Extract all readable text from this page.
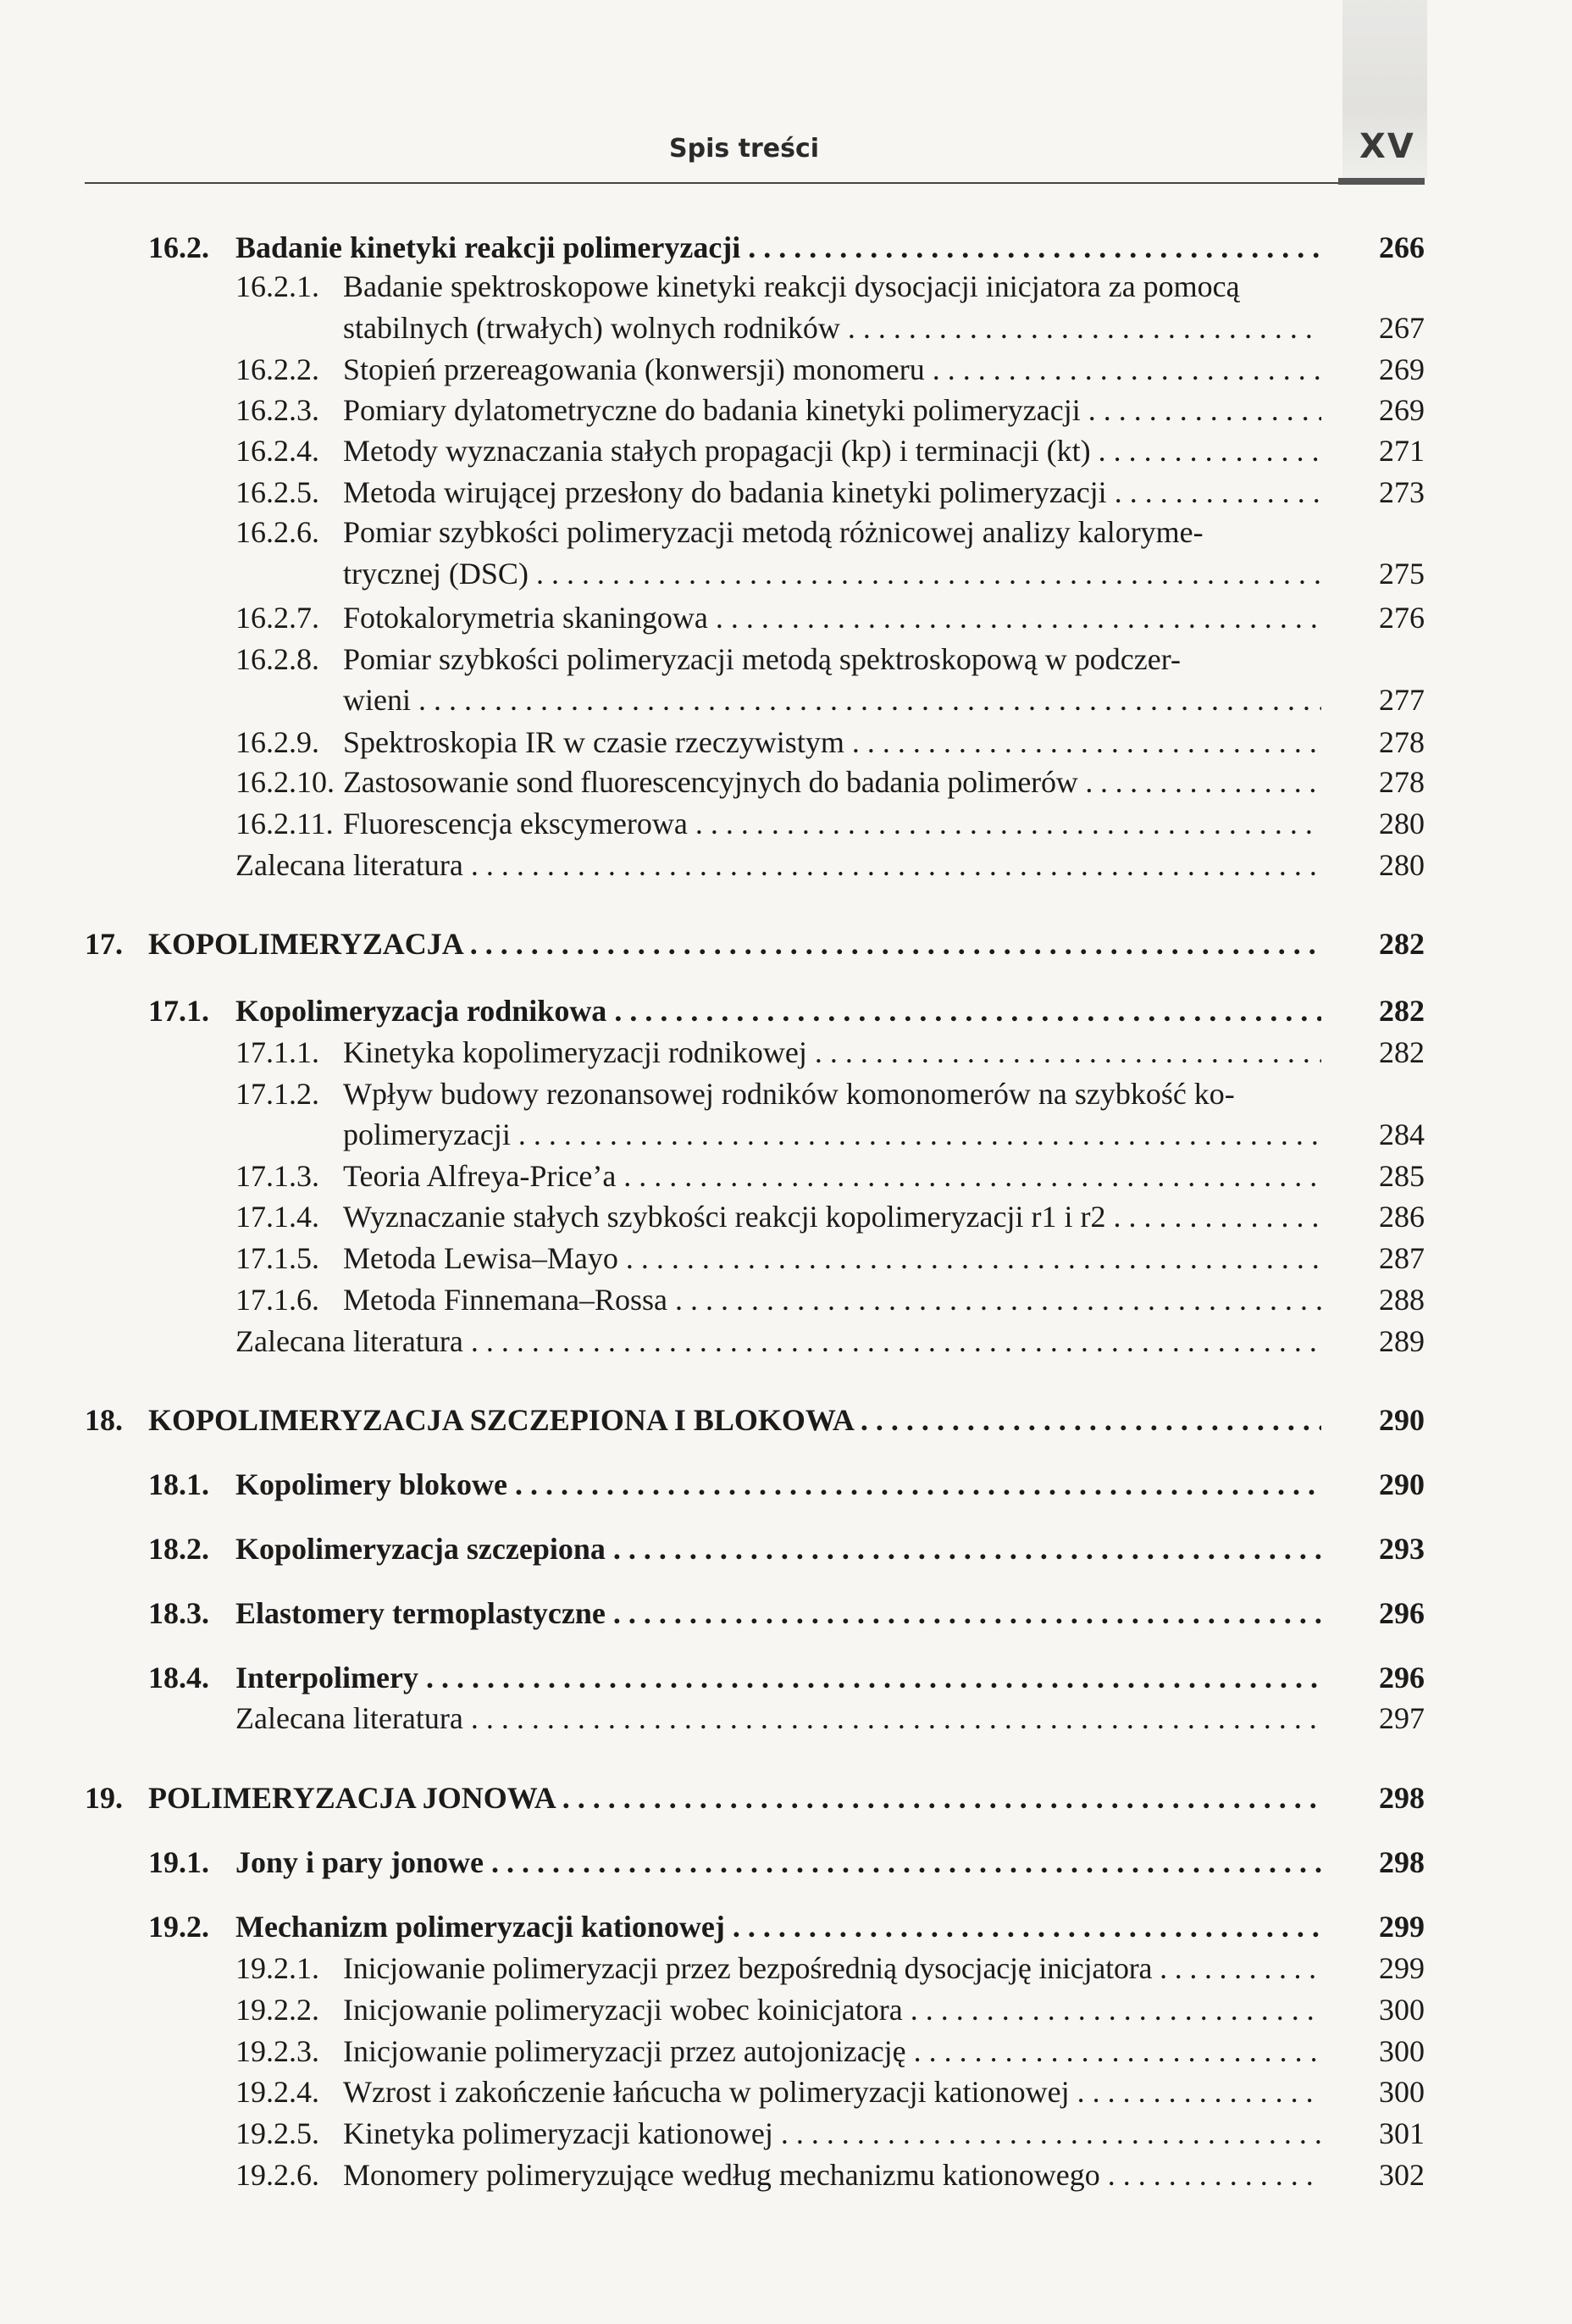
Spis treści	XV
16.2. Badanie kinetyki reakcji polimeryzacji . . .	266
16.2.1. Badanie spektroskopowe kinetyki reakcji dysocjacji inicjatora za pomocą
stabilnych (trwałych) wolnych rodników . . .	267
16.2.2. Stopień przereagowania (konwersji) monomeru . . .	269
16.2.3. Pomiary dylatometryczne do badania kinetyki polimeryzacji . . .	269
16.2.4. Metody wyznaczania stałych propagacji (kp) i terminacji (kt) . . .	271
16.2.5. Metoda wirującej przesłony do badania kinetyki polimeryzacji . . .	273
16.2.6. Pomiar szybkości polimeryzacji metodą różnicowej analizy kaloryme-
trycznej (DSC) . . .	275
16.2.7. Fotokalorymetria skaningowa . . .	276
16.2.8. Pomiar szybkości polimeryzacji metodą spektroskopową w podczer-
wieni . . .	277
16.2.9. Spektroskopia IR w czasie rzeczywistym . . .	278
16.2.10. Zastosowanie sond fluorescencyjnych do badania polimerów . . .	278
16.2.11. Fluorescencja ekscymerowa . . .	280
Zalecana literatura . . .	280
17. KOPOLIMERYZACJA . . .	282
17.1. Kopolimeryzacja rodnikowa . . .	282
17.1.1. Kinetyka kopolimeryzacji rodnikowej . . .	282
17.1.2. Wpływ budowy rezonansowej rodników komonomerów na szybkość ko-
polimeryzacji . . .	284
17.1.3. Teoria Alfreya-Price’a . . .	285
17.1.4. Wyznaczanie stałych szybkości reakcji kopolimeryzacji r1 i r2 . . .	286
17.1.5. Metoda Lewisa–Mayo . . .	287
17.1.6. Metoda Finnemana–Rossa . . .	288
Zalecana literatura . . .	289
18. KOPOLIMERYZACJA SZCZEPIONA I BLOKOWA . . .	290
18.1. Kopolimery blokowe . . .	290
18.2. Kopolimeryzacja szczepiona . . .	293
18.3. Elastomery termoplastyczne . . .	296
18.4. Interpolimery . . .	296
Zalecana literatura . . .	297
19. POLIMERYZACJA JONOWA . . .	298
19.1. Jony i pary jonowe . . .	298
19.2. Mechanizm polimeryzacji kationowej . . .	299
19.2.1. Inicjowanie polimeryzacji przez bezpośrednią dysocjację inicjatora . . .	299
19.2.2. Inicjowanie polimeryzacji wobec koinicjatora . . .	300
19.2.3. Inicjowanie polimeryzacji przez autojonizację . . .	300
19.2.4. Wzrost i zakończenie łańcucha w polimeryzacji kationowej . . .	300
19.2.5. Kinetyka polimeryzacji kationowej . . .	301
19.2.6. Monomery polimeryzujące według mechanizmu kationowego . . .	302
